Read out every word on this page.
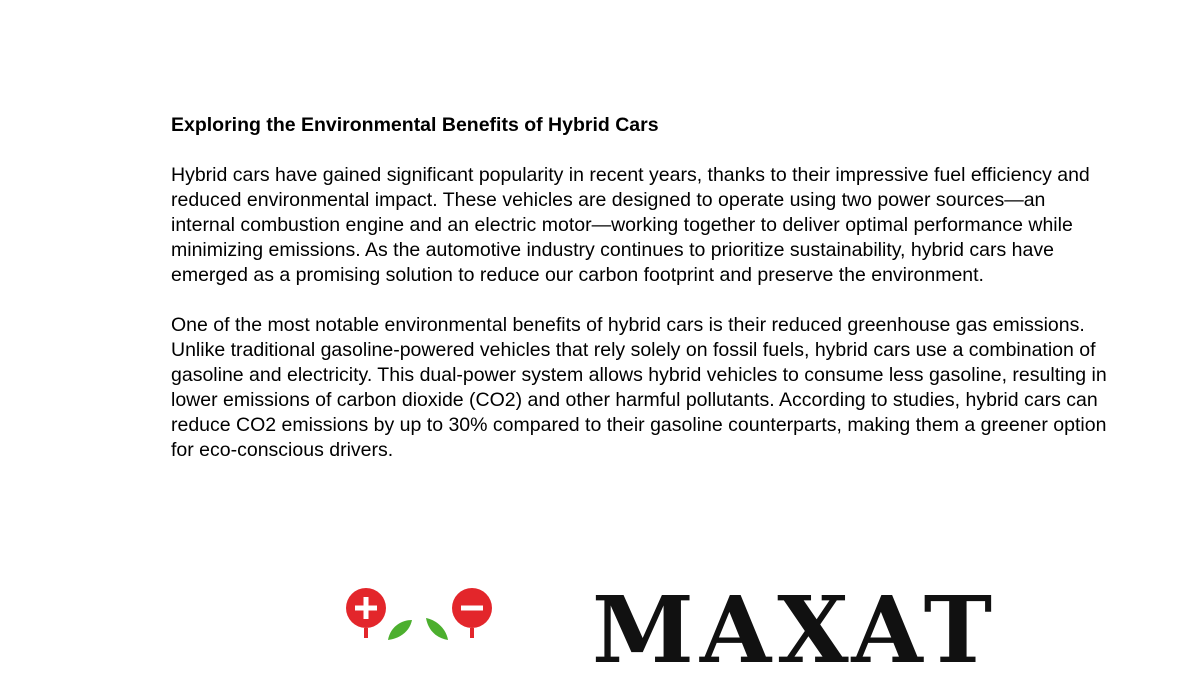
Exploring the Environmental Benefits of Hybrid Cars

Hybrid cars have gained significant popularity in recent years, thanks to their impressive fuel efficiency and reduced environmental impact. These vehicles are designed to operate using two power sources—an internal combustion engine and an electric motor—working together to deliver optimal performance while minimizing emissions. As the automotive industry continues to prioritize sustainability, hybrid cars have emerged as a promising solution to reduce our carbon footprint and preserve the environment.

One of the most notable environmental benefits of hybrid cars is their reduced greenhouse gas emissions. Unlike traditional gasoline-powered vehicles that rely solely on fossil fuels, hybrid cars use a combination of gasoline and electricity. This dual-power system allows hybrid vehicles to consume less gasoline, resulting in lower emissions of carbon dioxide (CO2) and other harmful pollutants. According to studies, hybrid cars can reduce CO2 emissions by up to 30% compared to their gasoline counterparts, making them a greener option for eco-conscious drivers.

MAXAT
